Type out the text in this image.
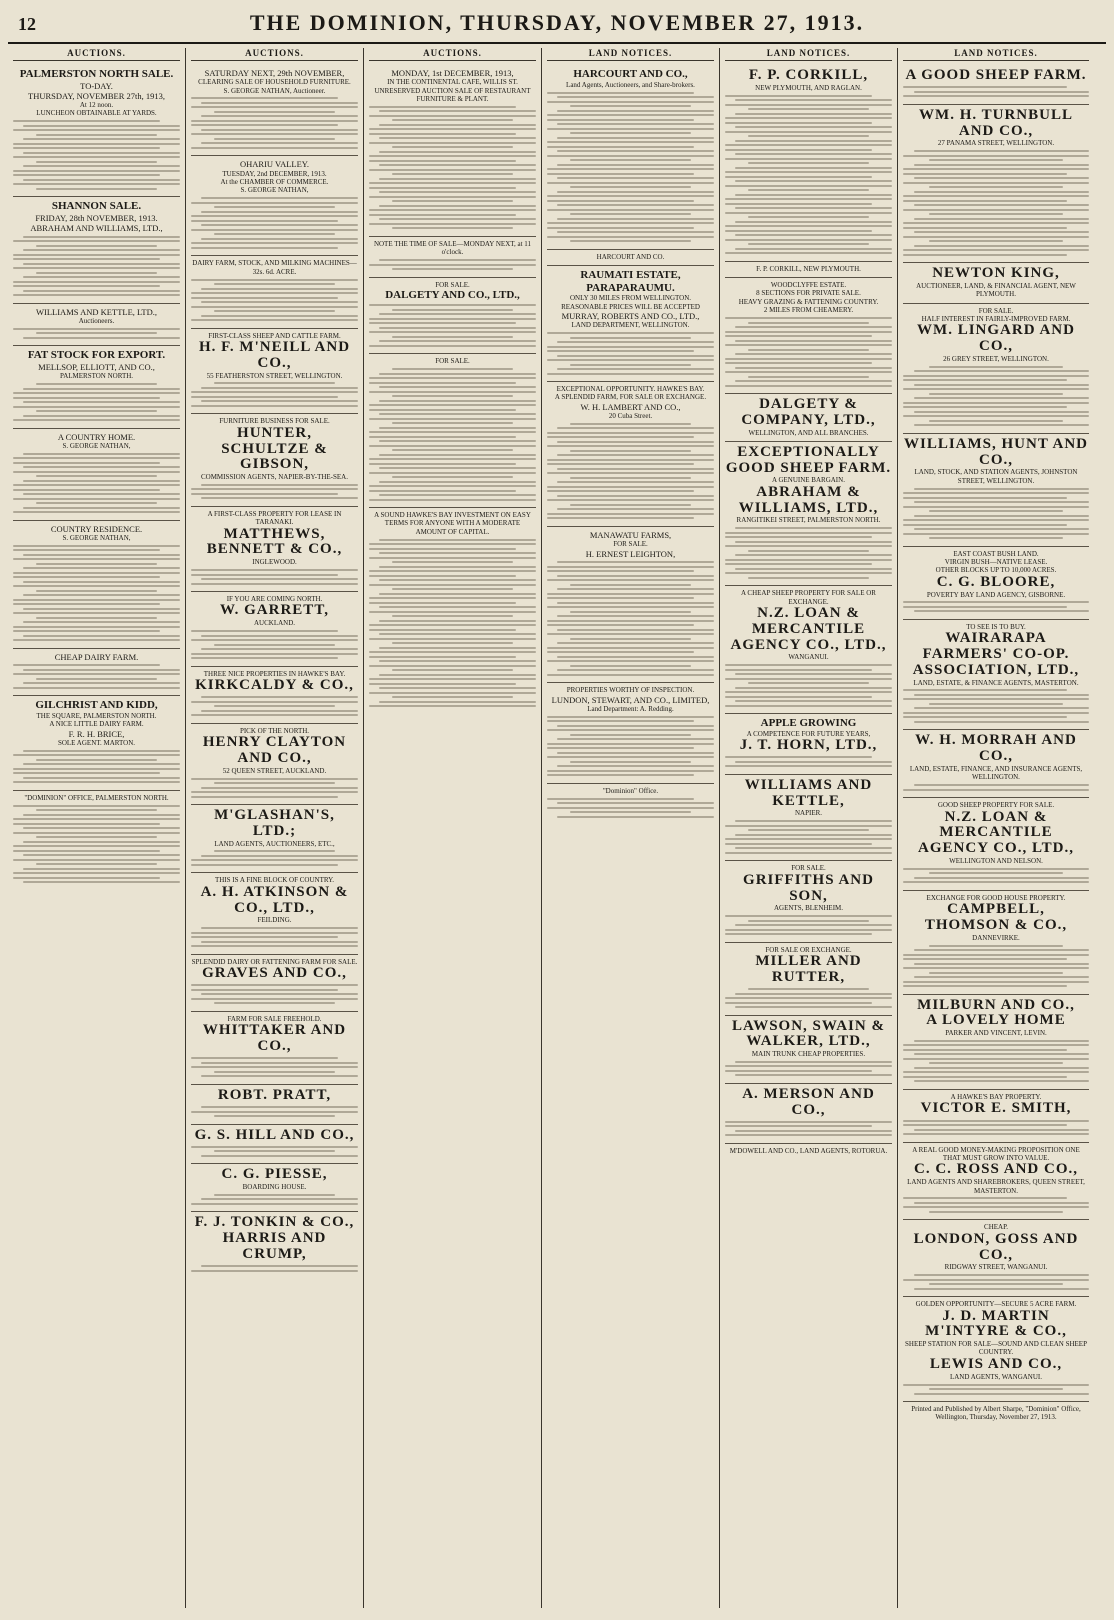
12	THE DOMINION, THURSDAY, NOVEMBER 27, 1913.
AUCTIONS.
PALMERSTON NORTH SALE.
TO-DAY.
THURSDAY, NOVEMBER 27th, 1913,
At 12 noon.
LUNCHEON OBTAINABLE AT YARDS.
SHANNON SALE.
FRIDAY, 28th NOVEMBER, 1913.
ABRAHAM AND WILLIAMS, LTD.,
WILLIAMS AND KETTLE, LTD.,
Auctioneers.
FAT STOCK FOR EXPORT.
MELLSOP, ELLIOTT, AND CO.,
PALMERSTON NORTH.
A COUNTRY HOME.
S. GEORGE NATHAN,
COUNTRY RESIDENCE.
S. GEORGE NATHAN,
CHEAP DAIRY FARM.
GILCHRIST AND KIDD,
THE SQUARE, PALMERSTON NORTH.
A NICE LITTLE DAIRY FARM.
F. R. H. BRICE,
SOLE AGENT. MARTON.
"DOMINION" OFFICE, PALMERSTON NORTH.
AUCTIONS.
SATURDAY NEXT, 29th NOVEMBER,
CLEARING SALE OF HOUSEHOLD FURNITURE.
S. GEORGE NATHAN, Auctioneer.
OHARIU VALLEY.
TUESDAY, 2nd DECEMBER, 1913.
At the CHAMBER OF COMMERCE.
S. GEORGE NATHAN,
DAIRY FARM, STOCK, AND MILKING MACHINES—32s. 6d. ACRE.
FIRST-CLASS SHEEP AND CATTLE FARM.
H. F. M'NEILL AND CO.,
55 FEATHERSTON STREET, WELLINGTON.
FURNITURE BUSINESS FOR SALE.
HUNTER, SCHULTZE & GIBSON,
COMMISSION AGENTS, NAPIER-BY-THE-SEA.
A FIRST-CLASS PROPERTY FOR LEASE IN TARANAKI.
MATTHEWS, BENNETT & CO.,
INGLEWOOD.
IF YOU ARE COMING NORTH.
W. GARRETT,
AUCKLAND.
THREE NICE PROPERTIES IN HAWKE'S BAY.
KIRKCALDY & CO.,
PICK OF THE NORTH.
HENRY CLAYTON AND CO.,
52 QUEEN STREET, AUCKLAND.
M'GLASHAN'S, LTD.;
LAND AGENTS, AUCTIONEERS, ETC.,
THIS IS A FINE BLOCK OF COUNTRY.
A. H. ATKINSON & CO., LTD.,
FEILDING.
SPLENDID DAIRY OR FATTENING FARM FOR SALE.
GRAVES AND CO.,
FARM FOR SALE FREEHOLD.
WHITTAKER AND CO.,
ROBT. PRATT,
G. S. HILL AND CO.,
C. G. PIESSE,
BOARDING HOUSE.
F. J. TONKIN & CO.,
HARRIS AND CRUMP,
AUCTIONS.
MONDAY, 1st DECEMBER, 1913,
IN THE CONTINENTAL CAFE, WILLIS ST.
UNRESERVED AUCTION SALE OF RESTAURANT FURNITURE & PLANT.
NOTE THE TIME OF SALE—MONDAY NEXT, at 11 o'clock.
FOR SALE.
DALGETY AND CO., LTD.,
FOR SALE.
A SOUND HAWKE'S BAY INVESTMENT ON EASY TERMS FOR ANYONE WITH A MODERATE AMOUNT OF CAPITAL.
LAND NOTICES.
HARCOURT AND CO.,
Land Agents, Auctioneers, and Share-brokers.
HARCOURT AND CO.
RAUMATI ESTATE,
PARAPARAUMU.
ONLY 30 MILES FROM WELLINGTON.
REASONABLE PRICES WILL BE ACCEPTED
MURRAY, ROBERTS AND CO., LTD.,
LAND DEPARTMENT, WELLINGTON.
EXCEPTIONAL OPPORTUNITY. HAWKE'S BAY.
A SPLENDID FARM, FOR SALE OR EXCHANGE.
W. H. LAMBERT AND CO.,
20 Cuba Street.
MANAWATU FARMS,
FOR SALE.
H. ERNEST LEIGHTON,
PROPERTIES WORTHY OF INSPECTION.
LUNDON, STEWART, AND CO., LIMITED,
Land Department: A. Redding.
"Dominion" Office.
LAND NOTICES.
F. P. CORKILL,
NEW PLYMOUTH, AND RAGLAN.
F. P. CORKILL, NEW PLYMOUTH.
WOODCLYFFE ESTATE.
8 SECTIONS FOR PRIVATE SALE.
HEAVY GRAZING & FATTENING COUNTRY.
2 MILES FROM CHEAMERY.
DALGETY & COMPANY, LTD.,
WELLINGTON, AND ALL BRANCHES.
EXCEPTIONALLY GOOD SHEEP FARM.
A GENUINE BARGAIN.
ABRAHAM & WILLIAMS, LTD.,
RANGITIKEI STREET, PALMERSTON NORTH.
A CHEAP SHEEP PROPERTY FOR SALE OR EXCHANGE.
N.Z. LOAN & MERCANTILE AGENCY CO., LTD.,
WANGANUI.
APPLE GROWING
A COMPETENCE FOR FUTURE YEARS,
J. T. HORN, LTD.,
WILLIAMS AND KETTLE,
NAPIER.
FOR SALE.
GRIFFITHS AND SON,
AGENTS, BLENHEIM.
FOR SALE OR EXCHANGE.
MILLER AND RUTTER,
LAWSON, SWAIN & WALKER, LTD.,
MAIN TRUNK CHEAP PROPERTIES.
A. MERSON AND CO.,
M'DOWELL AND CO., LAND AGENTS, ROTORUA.
LAND NOTICES.
A GOOD SHEEP FARM.
WM. H. TURNBULL AND CO.,
27 PANAMA STREET, WELLINGTON.
NEWTON KING,
AUCTIONEER, LAND, & FINANCIAL AGENT, NEW PLYMOUTH.
FOR SALE.
HALF INTEREST IN FAIRLY-IMPROVED FARM.
WM. LINGARD AND CO.,
26 GREY STREET, WELLINGTON.
WILLIAMS, HUNT AND CO.,
LAND, STOCK, AND STATION AGENTS, JOHNSTON STREET, WELLINGTON.
EAST COAST BUSH LAND.
VIRGIN BUSH—NATIVE LEASE.
OTHER BLOCKS UP TO 10,000 ACRES.
C. G. BLOORE,
POVERTY BAY LAND AGENCY, GISBORNE.
TO SEE IS TO BUY.
WAIRARAPA FARMERS' CO-OP. ASSOCIATION, LTD.,
LAND, ESTATE, & FINANCE AGENTS, MASTERTON.
W. H. MORRAH AND CO.,
LAND, ESTATE, FINANCE, AND INSURANCE AGENTS, WELLINGTON.
GOOD SHEEP PROPERTY FOR SALE.
N.Z. LOAN & MERCANTILE AGENCY CO., LTD.,
WELLINGTON AND NELSON.
EXCHANGE FOR GOOD HOUSE PROPERTY.
CAMPBELL, THOMSON & CO.,
DANNEVIRKE.
MILBURN AND CO.,
A LOVELY HOME
PARKER AND VINCENT, LEVIN.
A HAWKE'S BAY PROPERTY.
VICTOR E. SMITH,
A REAL GOOD MONEY-MAKING PROPOSITION ONE THAT MUST GROW INTO VALUE.
C. C. ROSS AND CO.,
LAND AGENTS AND SHAREBROKERS, QUEEN STREET, MASTERTON.
CHEAP.
LONDON, GOSS AND CO.,
RIDGWAY STREET, WANGANUI.
GOLDEN OPPORTUNITY—SECURE 5 ACRE FARM.
J. D. MARTIN M'INTYRE & CO.,
SHEEP STATION FOR SALE—SOUND AND CLEAN SHEEP COUNTRY.
LEWIS AND CO.,
LAND AGENTS, WANGANUI.
Printed and Published by Albert Sharpe, "Dominion" Office, Wellington, Thursday, November 27, 1913.
